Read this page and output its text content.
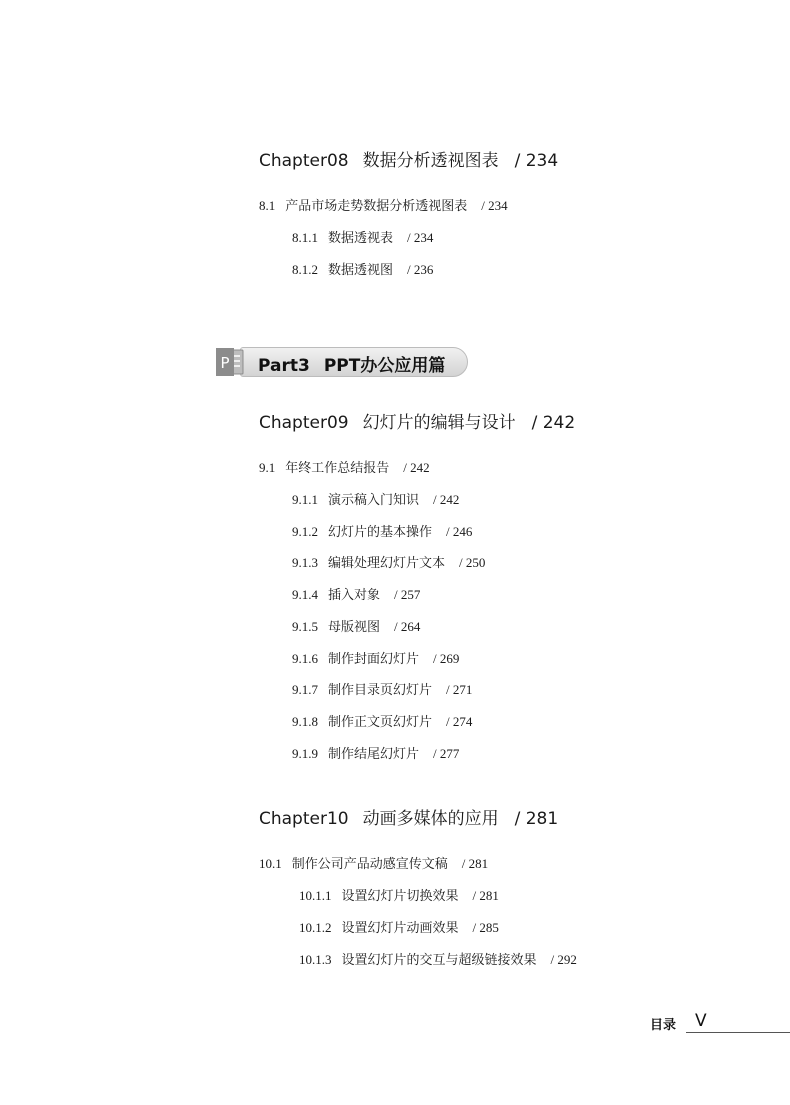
Chapter08 数据分析透视图表 / 234
8.1 产品市场走势数据分析透视图表 / 234
8.1.1 数据透视表 / 234
8.1.2 数据透视图 / 236
P Part3 PPT办公应用篇
Chapter09 幻灯片的编辑与设计 / 242
9.1 年终工作总结报告 / 242
9.1.1 演示稿入门知识 / 242
9.1.2 幻灯片的基本操作 / 246
9.1.3 编辑处理幻灯片文本 / 250
9.1.4 插入对象 / 257
9.1.5 母版视图 / 264
9.1.6 制作封面幻灯片 / 269
9.1.7 制作目录页幻灯片 / 271
9.1.8 制作正文页幻灯片 / 274
9.1.9 制作结尾幻灯片 / 277
Chapter10 动画多媒体的应用 / 281
10.1 制作公司产品动感宣传文稿 / 281
10.1.1 设置幻灯片切换效果 / 281
10.1.2 设置幻灯片动画效果 / 285
10.1.3 设置幻灯片的交互与超级链接效果 / 292
目录 V
